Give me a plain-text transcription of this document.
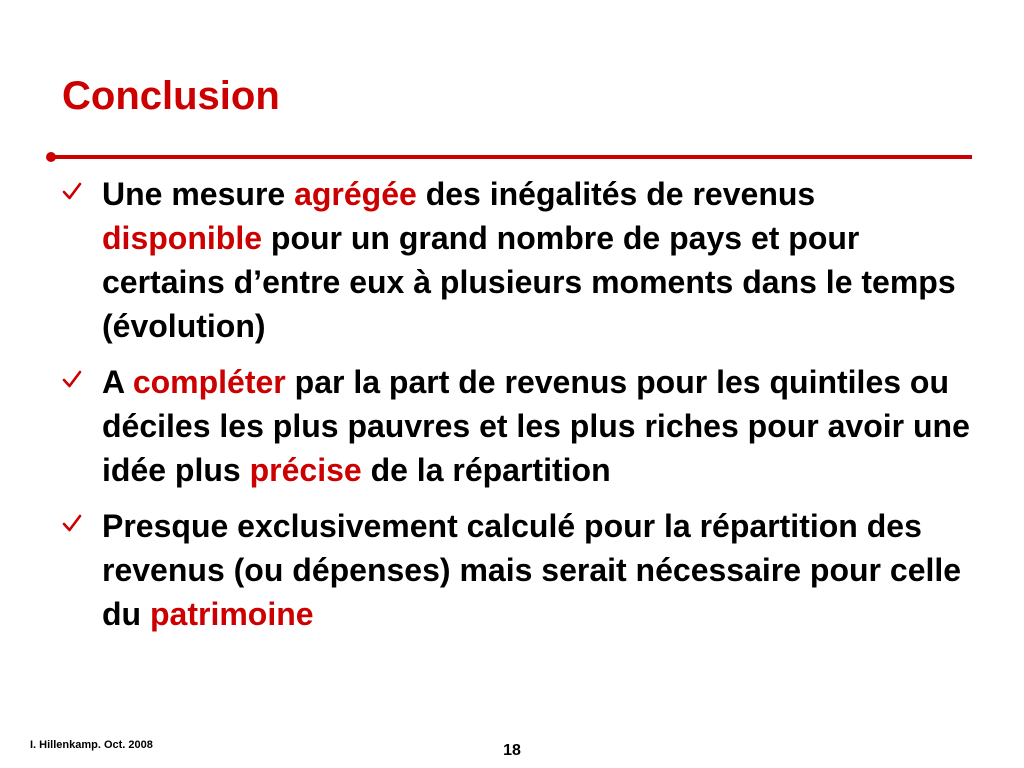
Conclusion
Une mesure agrégée des inégalités de revenus disponible pour un grand nombre de pays et pour certains d’entre eux à plusieurs moments dans le temps (évolution)
A compléter par la part de revenus pour les quintiles ou déciles les plus pauvres et les plus riches pour avoir une idée plus précise de la répartition
Presque exclusivement calculé pour la répartition des revenus (ou dépenses) mais serait nécessaire pour celle du patrimoine
I. Hillenkamp. Oct. 2008	18
